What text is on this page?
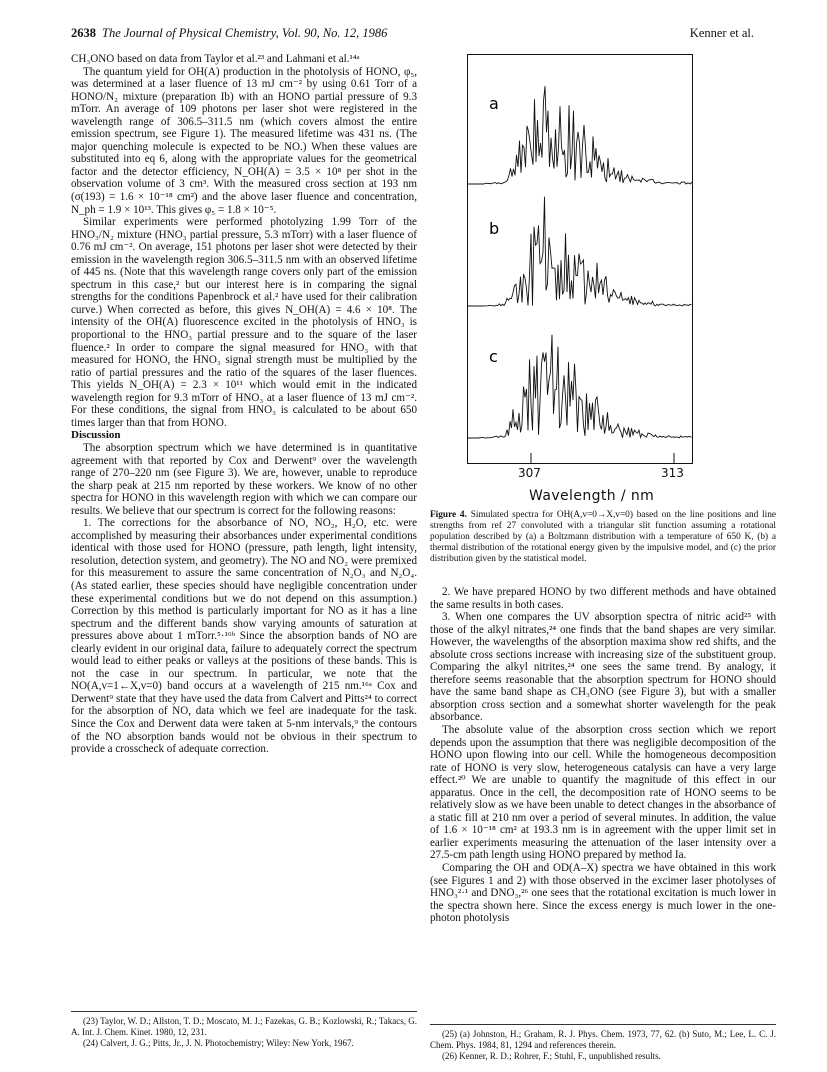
2638 The Journal of Physical Chemistry, Vol. 90, No. 12, 1986	Kenner et al.

CH₃ONO based on data from Taylor et al.²³ and Lahmani et al.¹⁴ᵃ

The quantum yield for OH(A) production in the photolysis of HONO, φ₅, was determined at a laser fluence of 13 mJ cm⁻² by using 0.61 Torr of a HONO/N₂ mixture (preparation Ib) with an HONO partial pressure of 9.3 mTorr. An average of 109 photons per laser shot were registered in the wavelength range of 306.5–311.5 nm (which covers almost the entire emission spectrum, see Figure 1). The measured lifetime was 431 ns. (The major quenching molecule is expected to be NO.) When these values are substituted into eq 6, along with the appropriate values for the geometrical factor and the detector efficiency, N_OH(A) = 3.5 × 10⁸ per shot in the observation volume of 3 cm³. With the measured cross section at 193 nm (σ(193) = 1.6 × 10⁻¹⁸ cm²) and the above laser fluence and concentration, N_ph = 1.9 × 10¹³. This gives φ₅ = 1.8 × 10⁻⁵.

Similar experiments were performed photolyzing 1.99 Torr of the HNO₃/N₂ mixture (HNO₃ partial pressure, 5.3 mTorr) with a laser fluence of 0.76 mJ cm⁻². On average, 151 photons per laser shot were detected by their emission in the wavelength region 306.5–311.5 nm with an observed lifetime of 445 ns. (Note that this wavelength range covers only part of the emission spectrum in this case,² but our interest here is in comparing the signal strengths for the conditions Papenbrock et al.² have used for their calibration curve.) When corrected as before, this gives N_OH(A) = 4.6 × 10⁸. The intensity of the OH(A) fluorescence excited in the photolysis of HNO₃ is proportional to the HNO₃ partial pressure and to the square of the laser fluence.² In order to compare the signal measured for HNO₃ with that measured for HONO, the HNO₃ signal strength must be multiplied by the ratio of partial pressures and the ratio of the squares of the laser fluences. This yields N_OH(A) = 2.3 × 10¹¹ which would emit in the indicated wavelength region for 9.3 mTorr of HNO₃ at a laser fluence of 13 mJ cm⁻². For these conditions, the signal from HNO₃ is calculated to be about 650 times larger than that from HONO.

Discussion

The absorption spectrum which we have determined is in quantitative agreement with that reported by Cox and Derwent⁹ over the wavelength range of 270–220 nm (see Figure 3). We are, however, unable to reproduce the sharp peak at 215 nm reported by these workers. We know of no other spectra for HONO in this wavelength region with which we can compare our results. We believe that our spectrum is correct for the following reasons:

1. The corrections for the absorbance of NO, NO₂, H₂O, etc. were accomplished by measuring their absorbances under experimental conditions identical with those used for HONO (pressure, path length, light intensity, resolution, detection system, and geometry). The NO and NO₂ were premixed for this measurement to assure the same concentration of N₂O₃ and N₂O₄. (As stated earlier, these species should have negligible concentration under these experimental conditions but we do not depend on this assumption.) Correction by this method is particularly important for NO as it has a line spectrum and the different bands show varying amounts of saturation at pressures above about 1 mTorr.⁵·¹⁶ᵇ Since the absorption bands of NO are clearly evident in our original data, failure to adequately correct the spectrum would lead to either peaks or valleys at the positions of these bands. This is not the case in our spectrum. In particular, we note that the NO(A,v=1←X,v=0) band occurs at a wavelength of 215 nm.¹⁶ᵃ Cox and Derwent⁹ state that they have used the data from Calvert and Pitts²⁴ to correct for the absorption of NO, data which we feel are inadequate for the task. Since the Cox and Derwent data were taken at 5-nm intervals,⁹ the contours of the NO absorption bands would not be obvious in their spectrum to provide a crosscheck of adequate correction.

(23) Taylor, W. D.; Allston, T. D.; Moscato, M. J.; Fazekas, G. B.; Kozlowski, R.; Takacs, G. A. Int. J. Chem. Kinet. 1980, 12, 231.

(24) Calvert, J. G.; Pitts, Jr., J. N. Photochemistry; Wiley: New York, 1967.

a
b
c
307	313
Wavelength / nm
Figure 4. Simulated spectra for OH(A,v=0→X,v=0) based on the line positions and line strengths from ref 27 convoluted with a triangular slit function assuming a rotational population described by (a) a Boltzmann distribution with a temperature of 650 K, (b) a thermal distribution of the rotational energy given by the impulsive model, and (c) the prior distribution given by the statistical model.

2. We have prepared HONO by two different methods and have obtained the same results in both cases.

3. When one compares the UV absorption spectra of nitric acid²⁵ with those of the alkyl nitrates,²⁴ one finds that the band shapes are very similar. However, the wavelengths of the absorption maxima show red shifts, and the absolute cross sections increase with increasing size of the substituent group. Comparing the alkyl nitrites,²⁴ one sees the same trend. By analogy, it therefore seems reasonable that the absorption spectrum for HONO should have the same band shape as CH₃ONO (see Figure 3), but with a smaller absorption cross section and a somewhat shorter wavelength for the peak absorbance.

The absolute value of the absorption cross section which we report depends upon the assumption that there was negligible decomposition of the HONO upon flowing into our cell. While the homogeneous decomposition rate of HONO is very slow, heterogeneous catalysis can have a very large effect.²⁰ We are unable to quantify the magnitude of this effect in our apparatus. Once in the cell, the decomposition rate of HONO seems to be relatively slow as we have been unable to detect changes in the absorbance of a static fill at 210 nm over a period of several minutes. In addition, the value of 1.6 × 10⁻¹⁸ cm² at 193.3 nm is in agreement with the upper limit set in earlier experiments measuring the attenuation of the laser intensity over a 27.5-cm path length using HONO prepared by method Ia.

Comparing the OH and OD(A–X) spectra we have obtained in this work (see Figures 1 and 2) with those observed in the excimer laser photolyses of HNO₃²·¹ and DNO₃,²⁶ one sees that the rotational excitation is much lower in the spectra shown here. Since the excess energy is much lower in the one-photon photolysis

(25) (a) Johnston, H.; Graham, R. J. Phys. Chem. 1973, 77, 62. (b) Suto, M.; Lee, L. C. J. Chem. Phys. 1984, 81, 1294 and references therein.

(26) Kenner, R. D.; Rohrer, F.; Stuhl, F., unpublished results.
